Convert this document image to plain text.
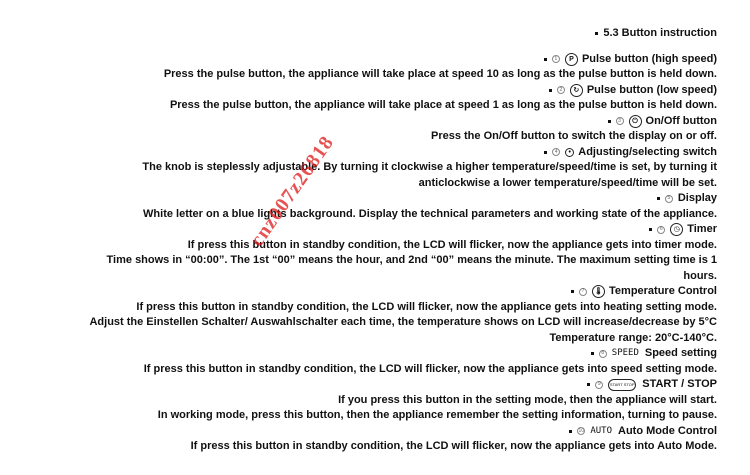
5.3 Button instruction
1	P Pulse button (high speed)
Press the pulse button, the appliance will take place at speed 10 as long as the pulse button is held down.
2	↻ Pulse button (low speed)
Press the pulse button, the appliance will take place at speed 1 as long as the pulse button is held down.
3	⏻ On/Off button
Press the On/Off button to switch the display on or off.
4	• Adjusting/selecting switch
The knob is steplessly adjustable. By turning it clockwise a higher temperature/speed/time is set, by turning it
anticlockwise a lower temperature/speed/time will be set.
5 Display
White letter on a blue lights background. Display the technical parameters and working state of the appliance.
6	◷ Timer
If press this button in standby condition, the LCD will flicker, now the appliance gets into timer mode.
Time shows in “00:00”. The 1st “00” means the hour, and 2nd “00” means the minute. The maximum setting time is 1
hours.
7	🌡 Temperature Control
If press this button in standby condition, the LCD will flicker, now the appliance gets into heating setting mode.
Adjust the Einstellen Schalter/ Auswahlschalter each time, the temperature shows on LCD will increase/decrease by 5°C
Temperature range: 20°C-140°C.
8 SPEED Speed setting
If press this button in standby condition, the LCD will flicker, now the appliance gets into speed setting mode.
9	START STOP START / STOP
If you press this button in the setting mode, then the appliance will start.
In working mode, press this button, then the appliance remember the setting information, turning to pause.
10 AUTO Auto Mode Control
If press this button in standby condition, the LCD will flicker, now the appliance gets into Auto Mode.
cnz007z26818
